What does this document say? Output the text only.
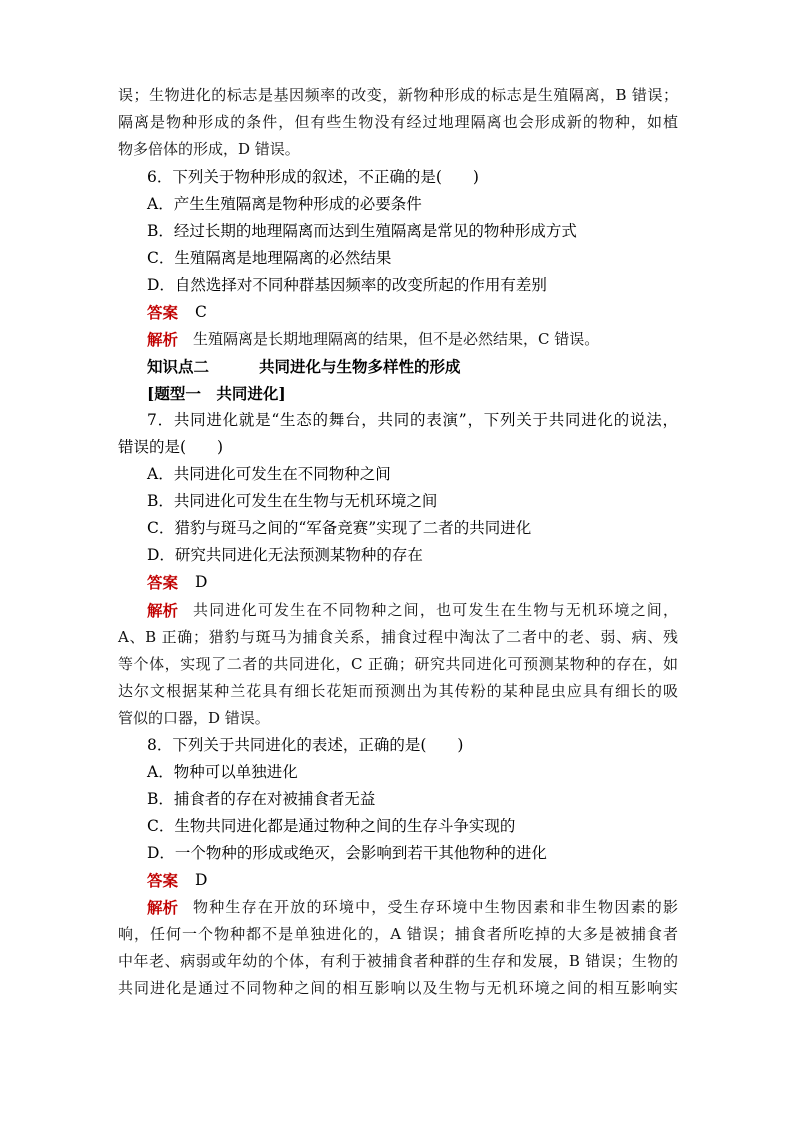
误；生物进化的标志是基因频率的改变，新物种形成的标志是生殖隔离，B 错误；
隔离是物种形成的条件，但有些生物没有经过地理隔离也会形成新的物种，如植
物多倍体的形成，D 错误。
6．下列关于物种形成的叙述，不正确的是(　　)
A．产生生殖隔离是物种形成的必要条件
B．经过长期的地理隔离而达到生殖隔离是常见的物种形成方式
C．生殖隔离是地理隔离的必然结果
D．自然选择对不同种群基因频率的改变所起的作用有差别
答案 C
解析 生殖隔离是长期地理隔离的结果，但不是必然结果，C 错误。
知识点二	共同进化与生物多样性的形成
[题型一　共同进化]
7．共同进化就是“生态的舞台，共同的表演”，下列关于共同进化的说法，
错误的是(　　)
A．共同进化可发生在不同物种之间
B．共同进化可发生在生物与无机环境之间
C．猎豹与斑马之间的“军备竞赛”实现了二者的共同进化
D．研究共同进化无法预测某物种的存在
答案 D
解析 共同进化可发生在不同物种之间，也可发生在生物与无机环境之间，
A、B 正确；猎豹与斑马为捕食关系，捕食过程中淘汰了二者中的老、弱、病、残
等个体，实现了二者的共同进化，C 正确；研究共同进化可预测某物种的存在，如
达尔文根据某种兰花具有细长花矩而预测出为其传粉的某种昆虫应具有细长的吸
管似的口器，D 错误。
8．下列关于共同进化的表述，正确的是(　　)
A．物种可以单独进化
B．捕食者的存在对被捕食者无益
C．生物共同进化都是通过物种之间的生存斗争实现的
D．一个物种的形成或绝灭，会影响到若干其他物种的进化
答案 D
解析 物种生存在开放的环境中，受生存环境中生物因素和非生物因素的影
响，任何一个物种都不是单独进化的，A 错误；捕食者所吃掉的大多是被捕食者
中年老、病弱或年幼的个体，有利于被捕食者种群的生存和发展，B 错误；生物的
共同进化是通过不同物种之间的相互影响以及生物与无机环境之间的相互影响实
